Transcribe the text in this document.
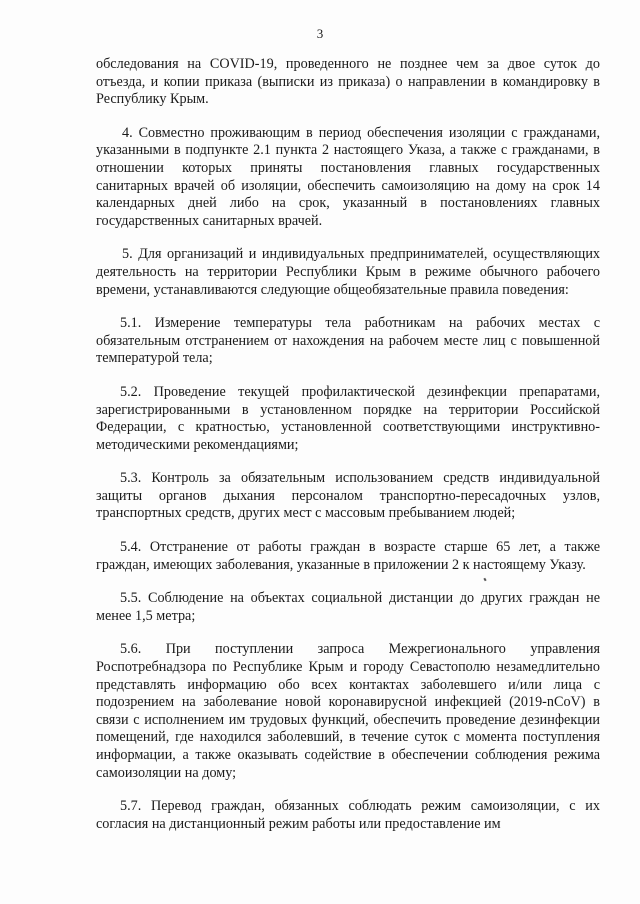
3

обследования на COVID-19, проведенного не позднее чем за двое суток до отъезда, и копии приказа (выписки из приказа) о направлении в командировку в Республику Крым.

4. Совместно проживающим в период обеспечения изоляции с гражданами, указанными в подпункте 2.1 пункта 2 настоящего Указа, а также с гражданами, в отношении которых приняты постановления главных государственных санитарных врачей об изоляции, обеспечить самоизоляцию на дому на срок 14 календарных дней либо на срок, указанный в постановлениях главных государственных санитарных врачей.

5. Для организаций и индивидуальных предпринимателей, осуществляющих деятельность на территории Республики Крым в режиме обычного рабочего времени, устанавливаются следующие общеобязательные правила поведения:

5.1. Измерение температуры тела работникам на рабочих местах с обязательным отстранением от нахождения на рабочем месте лиц с повышенной температурой тела;

5.2. Проведение текущей профилактической дезинфекции препаратами, зарегистрированными в установленном порядке на территории Российской Федерации, с кратностью, установленной соответствующими инструктивно-методическими рекомендациями;

5.3. Контроль за обязательным использованием средств индивидуальной защиты органов дыхания персоналом транспортно-пересадочных узлов, транспортных средств, других мест с массовым пребыванием людей;

5.4. Отстранение от работы граждан в возрасте старше 65 лет, а также граждан, имеющих заболевания, указанные в приложении 2 к настоящему Указу.

5.5. Соблюдение на объектах социальной дистанции до других граждан не менее 1,5 метра;

5.6. При поступлении запроса Межрегионального управления Роспотребнадзора по Республике Крым и городу Севастополю незамедлительно представлять информацию обо всех контактах заболевшего и/или лица с подозрением на заболевание новой коронавирусной инфекцией (2019-nCoV) в связи с исполнением им трудовых функций, обеспечить проведение дезинфекции помещений, где находился заболевший, в течение суток с момента поступления информации, а также оказывать содействие в обеспечении соблюдения режима самоизоляции на дому;

5.7. Перевод граждан, обязанных соблюдать режим самоизоляции, с их согласия на дистанционный режим работы или предоставление им
